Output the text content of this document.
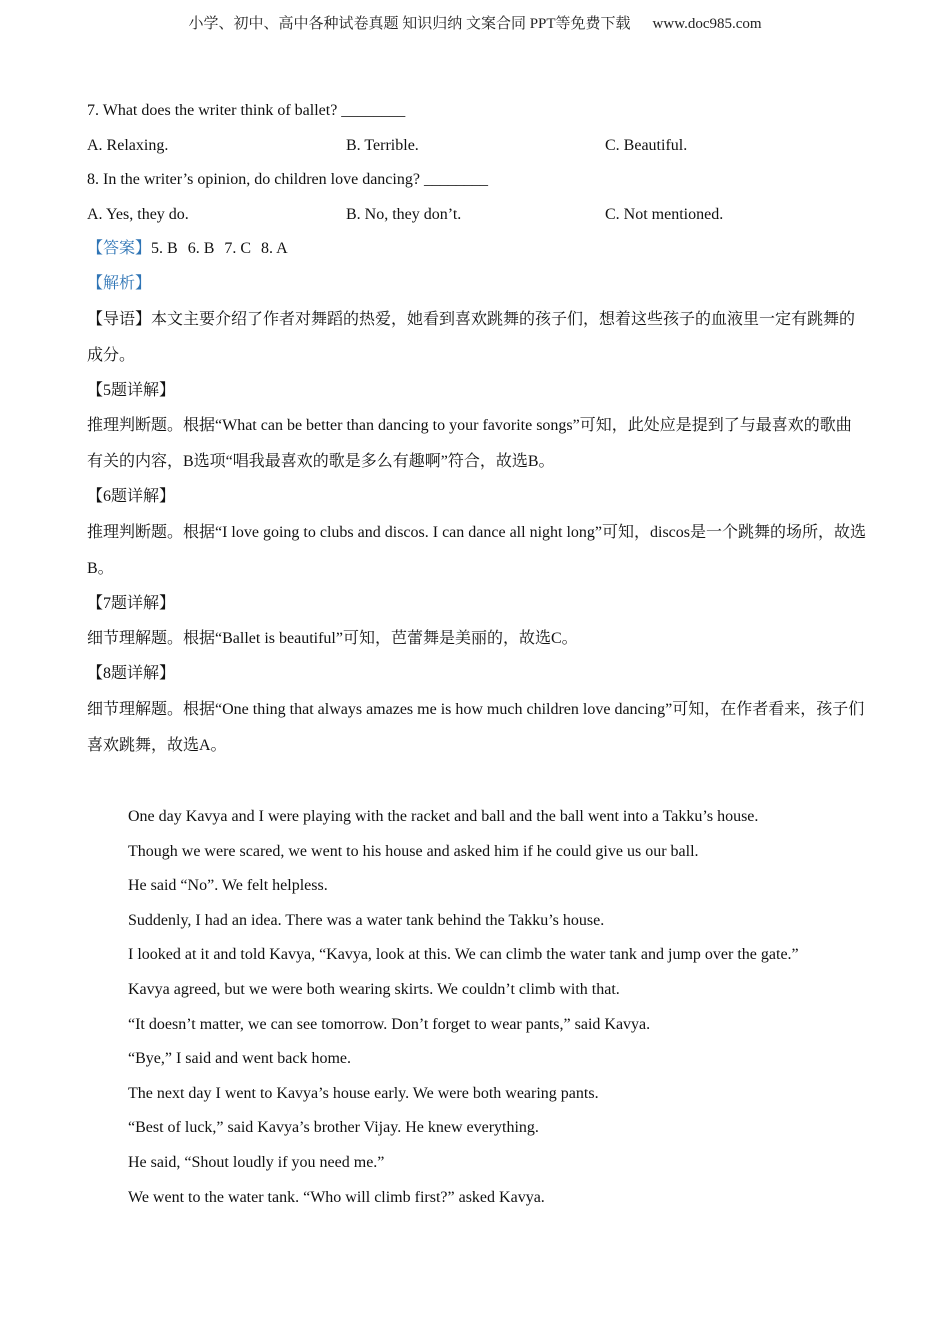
小学、初中、高中各种试卷真题 知识归纳 文案合同 PPT等免费下载 www.doc985.com
7. What does the writer think of ballet? ________
A. Relaxing.	B. Terrible.	C. Beautiful.
8. In the writer’s opinion, do children love dancing? ________
A. Yes, they do.	B. No, they don’t.	C. Not mentioned.
【答案】5. B 6. B 7. C 8. A
【解析】
【导语】本文主要介绍了作者对舞蹈的热爱，她看到喜欢跳舞的孩子们，想着这些孩子的血液里一定有跳舞的成分。
【5题详解】
推理判断题。根据“What can be better than dancing to your favorite songs”可知，此处应是提到了与最喜欢的歌曲有关的内容，B选项“唱我最喜欢的歌是多么有趣啊”符合，故选B。
【6题详解】
推理判断题。根据“I love going to clubs and discos. I can dance all night long”可知，discos是一个跳舞的场所，故选B。
【7题详解】
细节理解题。根据“Ballet is beautiful”可知，芭蕾舞是美丽的，故选C。
【8题详解】
细节理解题。根据“One thing that always amazes me is how much children love dancing”可知，在作者看来，孩子们喜欢跳舞，故选A。
One day Kavya and I were playing with the racket and ball and the ball went into a Takku’s house.
Though we were scared, we went to his house and asked him if he could give us our ball.
He said “No”. We felt helpless.
Suddenly, I had an idea. There was a water tank behind the Takku’s house.
I looked at it and told Kavya, “Kavya, look at this. We can climb the water tank and jump over the gate.”
Kavya agreed, but we were both wearing skirts. We couldn’t climb with that.
“It doesn’t matter, we can see tomorrow. Don’t forget to wear pants,” said Kavya.
“Bye,” I said and went back home.
The next day I went to Kavya’s house early. We were both wearing pants.
“Best of luck,” said Kavya’s brother Vijay. He knew everything.
He said, “Shout loudly if you need me.”
We went to the water tank. “Who will climb first?” asked Kavya.
